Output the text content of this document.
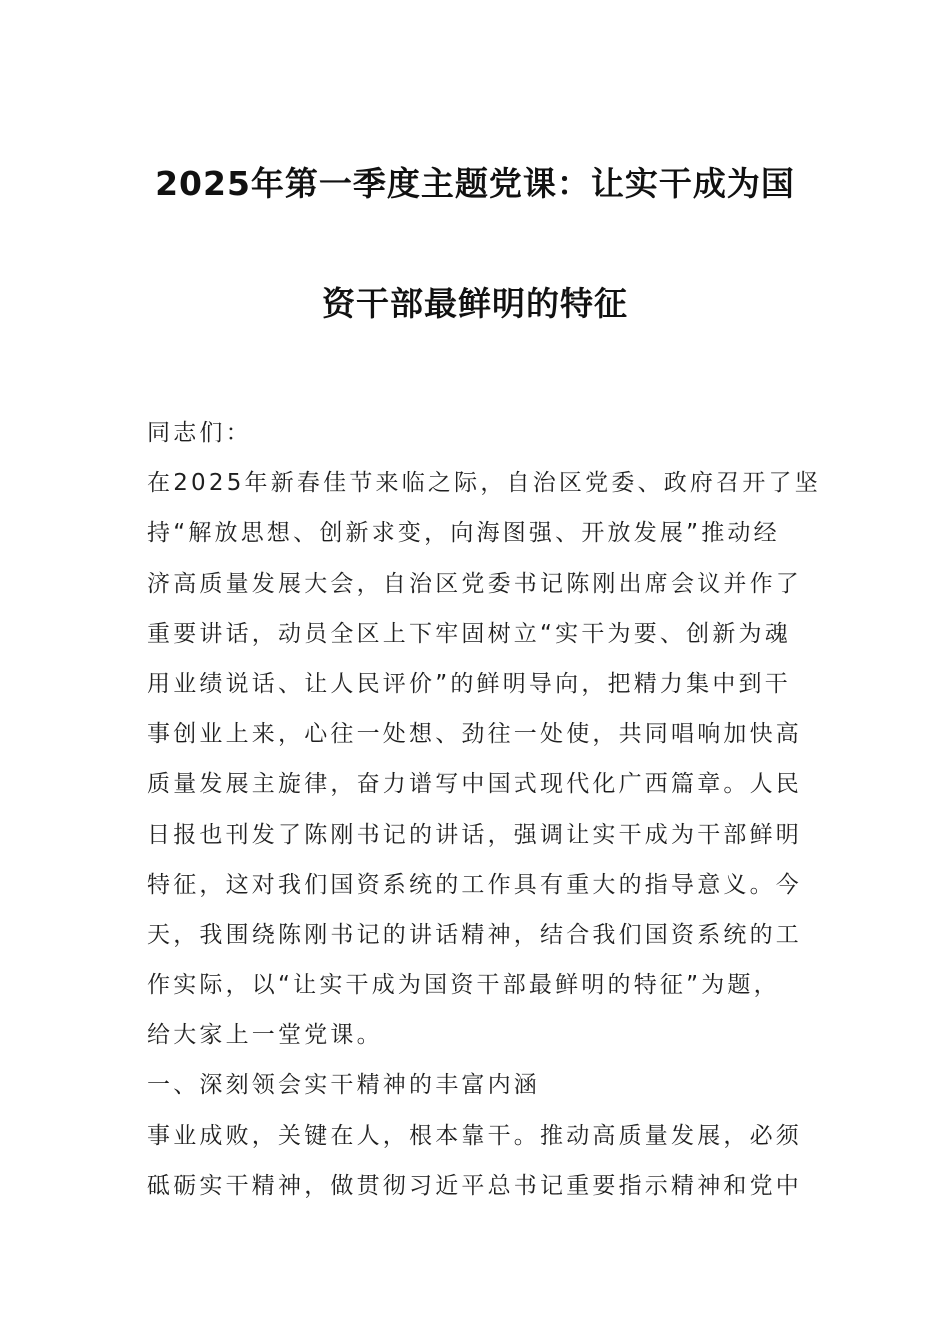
2025年第一季度主题党课：让实干成为国
资干部最鲜明的特征
同志们：
在2025年新春佳节来临之际，自治区党委、政府召开了坚
持“解放思想、创新求变，向海图强、开放发展”推动经
济高质量发展大会，自治区党委书记陈刚出席会议并作了
重要讲话，动员全区上下牢固树立“实干为要、创新为魂
用业绩说话、让人民评价”的鲜明导向，把精力集中到干
事创业上来，心往一处想、劲往一处使，共同唱响加快高
质量发展主旋律，奋力谱写中国式现代化广西篇章。人民
日报也刊发了陈刚书记的讲话，强调让实干成为干部鲜明
特征，这对我们国资系统的工作具有重大的指导意义。今
天，我围绕陈刚书记的讲话精神，结合我们国资系统的工
作实际，以“让实干成为国资干部最鲜明的特征”为题，
给大家上一堂党课。
一、深刻领会实干精神的丰富内涵
事业成败，关键在人，根本靠干。推动高质量发展，必须
砥砺实干精神，做贯彻习近平总书记重要指示精神和党中
